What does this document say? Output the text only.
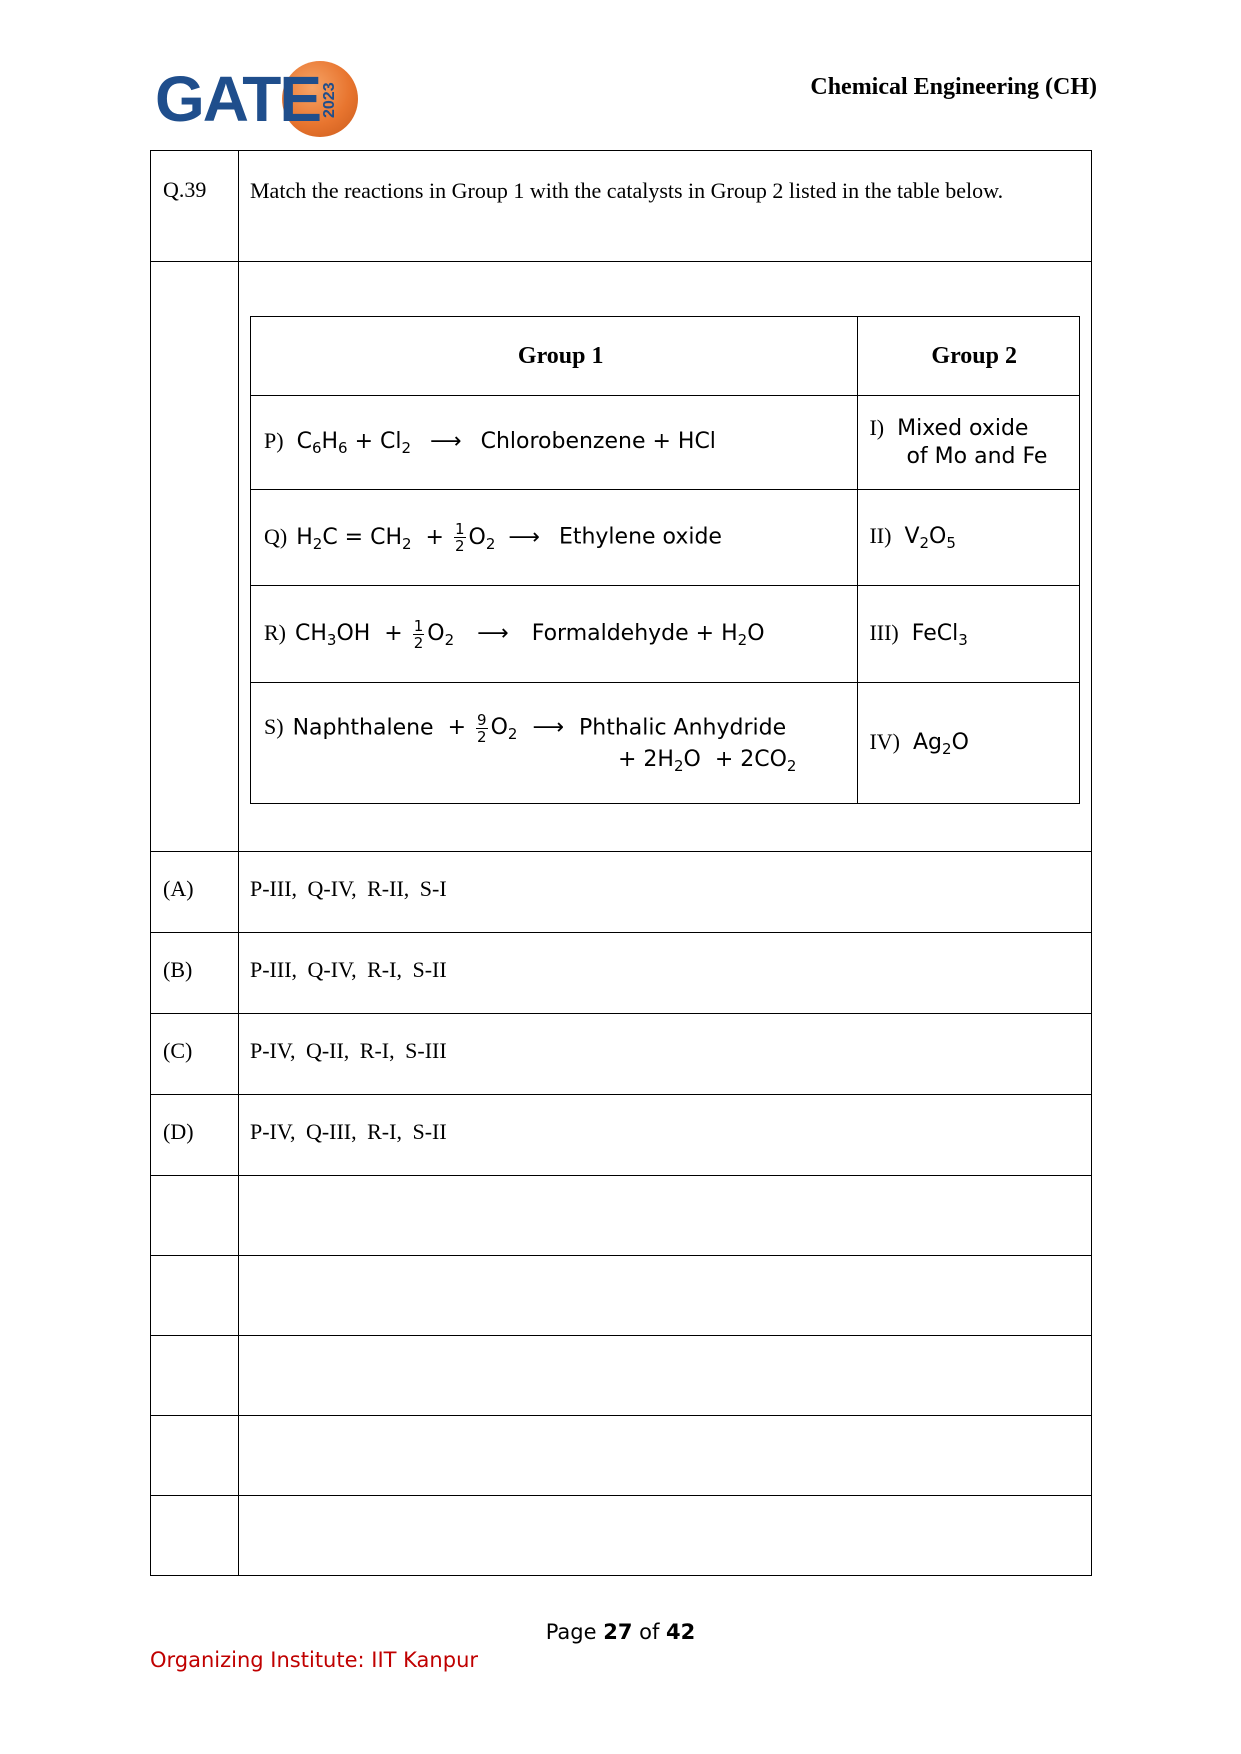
GATE 2023	Chemical Engineering (CH)
Q.39	Match the reactions in Group 1 with the catalysts in Group 2 listed in the table below.
(A)	P-III, Q-IV, R-II, S-I
(B)	P-III, Q-IV, R-I, S-II
(C)	P-IV, Q-II, R-I, S-III
(D)	P-IV, Q-III, R-I, S-II
Group 1	Group 2
P) $C_6H_6 + Cl_2$ ⟶ Chlorobenzene + HCl	I) Mixed oxide
of Mo and Fe

Q) $H_2C = CH_2 + \frac{1}{2} O_2$ ⟶ Ethylene oxide	II) $V_2O_5$
R) $CH_3OH + \frac{1}{2} O_2$ ⟶ Formaldehyde + $H_2O$	III) FeCl$_3$

S) Naphthalene  + $\frac{9}{2} O_2$ ⟶ Phthalic Anhydride
+ $2H_2O + 2CO_2$	IV) $Ag_2O$
Page 27 of 42
Organizing Institute: IIT Kanpur
